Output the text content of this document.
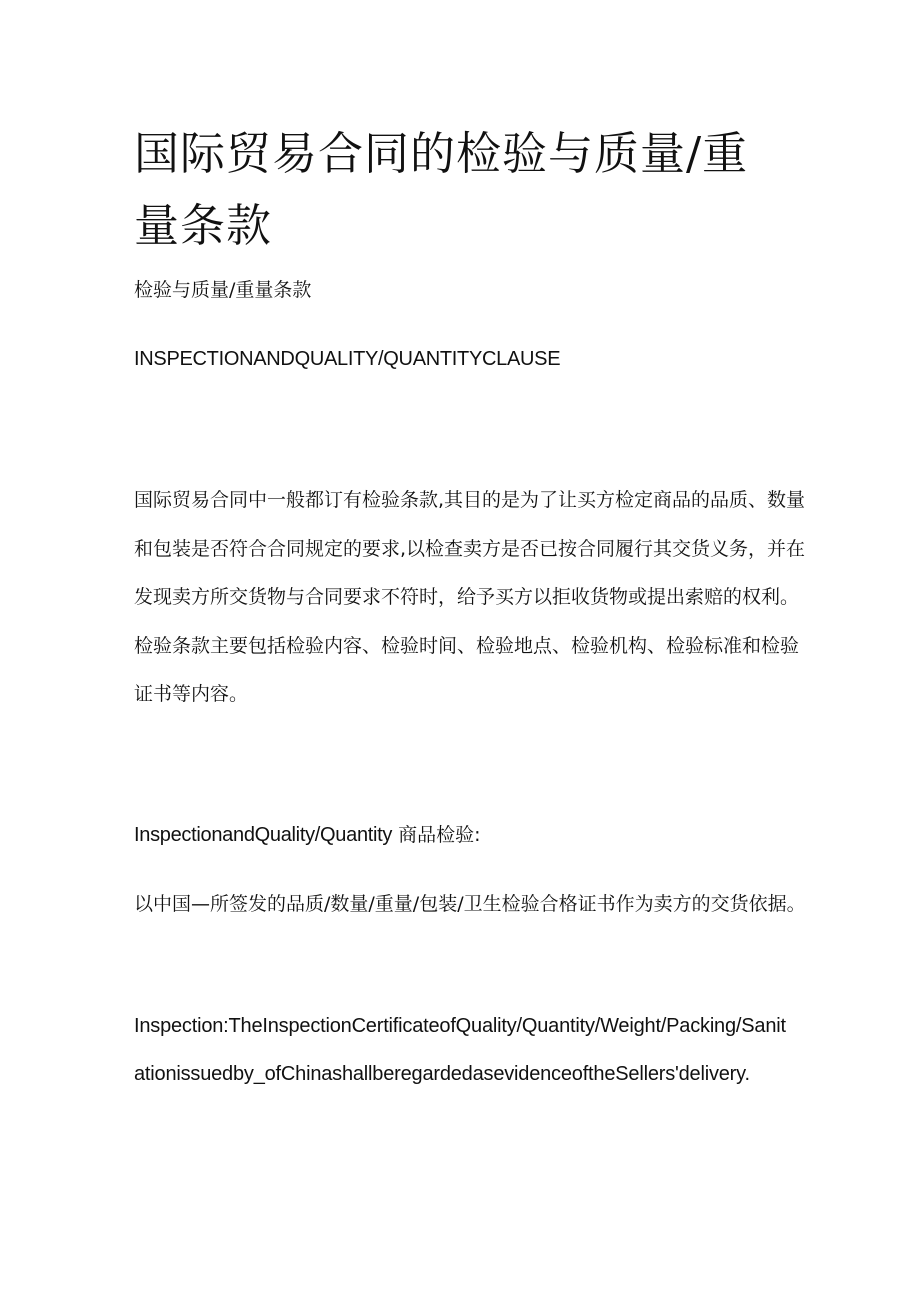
国际贸易合同的检验与质量/重量条款

检验与质量/重量条款

INSPECTIONANDQUALITY/QUANTITYCLAUSE

国际贸易合同中一般都订有检验条款,其目的是为了让买方检定商品的品质、数量和包装是否符合合同规定的要求,以检查卖方是否已按合同履行其交货义务，并在发现卖方所交货物与合同要求不符时，给予买方以拒收货物或提出索赔的权利。检验条款主要包括检验内容、检验时间、检验地点、检验机构、检验标准和检验证书等内容。

InspectionandQuality/Quantity 商品检验:

以中国—所签发的品质/数量/重量/包装/卫生检验合格证书作为卖方的交货依据。

Inspection:TheInspectionCertificateofQuality/Quantity/Weight/Packing/Sanitationissuedby_ofChinashallberegardedasevidenceoftheSellers'delivery.
